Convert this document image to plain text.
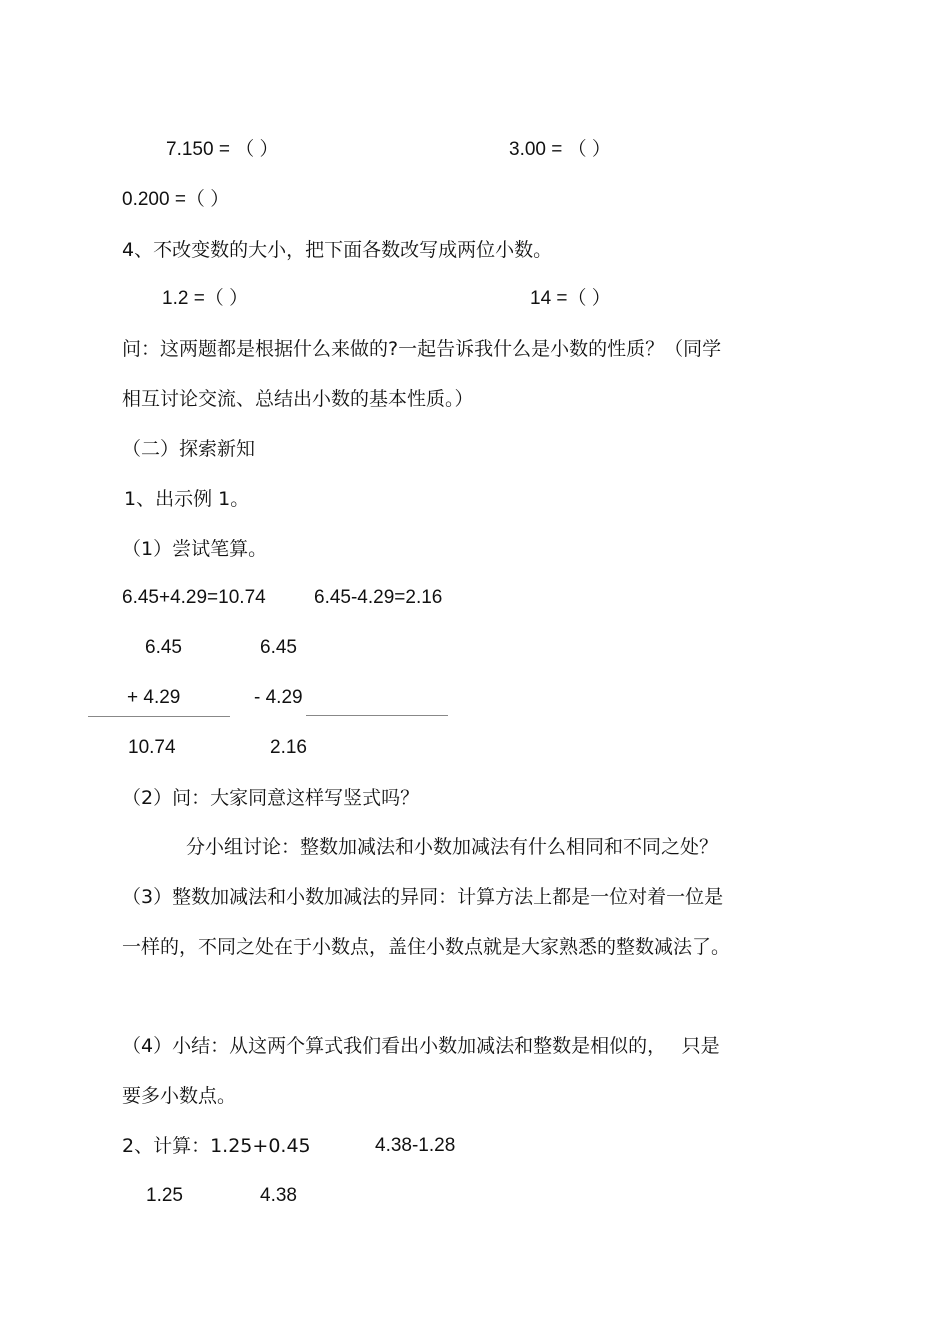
7.150 = （ ）	3.00 = （ ）
0.200 =（ ）
4、不改变数的大小，把下面各数改写成两位小数。
1.2 =（ ）	14 =（ ）
问：这两题都是根据什么来做的?一起告诉我什么是小数的性质？（同学
相互讨论交流、总结出小数的基本性质。）
（二）探索新知
1、出示例 1。
（1）尝试笔算。
6.45+4.29=10.74	6.45-4.29=2.16
6.45	6.45
+ 4.29	- 4.29
10.74	2.16
（2）问：大家同意这样写竖式吗？
分小组讨论：整数加减法和小数加减法有什么相同和不同之处？
（3）整数加减法和小数加减法的异同：计算方法上都是一位对着一位是
一样的，不同之处在于小数点，盖住小数点就是大家熟悉的整数减法了。
（4）小结：从这两个算式我们看出小数加减法和整数是相似的，　 只是
要多小数点。
2、计算：1.25+0.45	4.38-1.28
1.25	4.38
